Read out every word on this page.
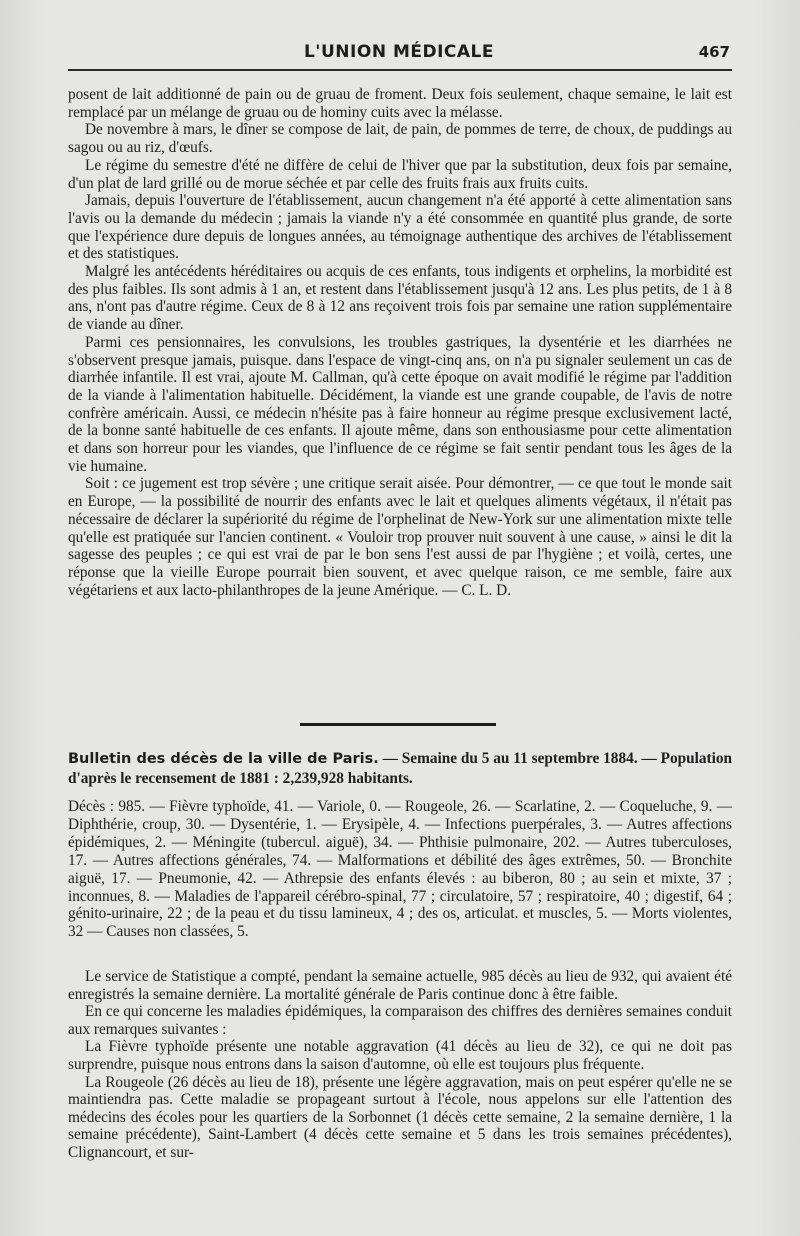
L'UNION MÉDICALE	467

posent de lait additionné de pain ou de gruau de froment. Deux fois seulement, chaque semaine, le lait est remplacé par un mélange de gruau ou de hominy cuits avec la mélasse.

De novembre à mars, le dîner se compose de lait, de pain, de pommes de terre, de choux, de puddings au sagou ou au riz, d'œufs.

Le régime du semestre d'été ne diffère de celui de l'hiver que par la substitution, deux fois par semaine, d'un plat de lard grillé ou de morue séchée et par celle des fruits frais aux fruits cuits.

Jamais, depuis l'ouverture de l'établissement, aucun changement n'a été apporté à cette alimentation sans l'avis ou la demande du médecin ; jamais la viande n'y a été consommée en quantité plus grande, de sorte que l'expérience dure depuis de longues années, au témoignage authentique des archives de l'établissement et des statistiques.

Malgré les antécédents héréditaires ou acquis de ces enfants, tous indigents et orphelins, la morbidité est des plus faibles. Ils sont admis à 1 an, et restent dans l'établissement jusqu'à 12 ans. Les plus petits, de 1 à 8 ans, n'ont pas d'autre régime. Ceux de 8 à 12 ans reçoivent trois fois par semaine une ration supplémentaire de viande au dîner.

Parmi ces pensionnaires, les convulsions, les troubles gastriques, la dysentérie et les diarrhées ne s'observent presque jamais, puisque. dans l'espace de vingt-cinq ans, on n'a pu signaler seulement un cas de diarrhée infantile. Il est vrai, ajoute M. Callman, qu'à cette époque on avait modifié le régime par l'addition de la viande à l'alimentation habituelle. Décidément, la viande est une grande coupable, de l'avis de notre confrère américain. Aussi, ce médecin n'hésite pas à faire honneur au régime presque exclusivement lacté, de la bonne santé habituelle de ces enfants. Il ajoute même, dans son enthousiasme pour cette alimentation et dans son horreur pour les viandes, que l'influence de ce régime se fait sentir pendant tous les âges de la vie humaine.

Soit : ce jugement est trop sévère ; une critique serait aisée. Pour démontrer, — ce que tout le monde sait en Europe, — la possibilité de nourrir des enfants avec le lait et quelques aliments végétaux, il n'était pas nécessaire de déclarer la supériorité du régime de l'orphelinat de New-York sur une alimentation mixte telle qu'elle est pratiquée sur l'ancien continent. « Vouloir trop prouver nuit souvent à une cause, » ainsi le dit la sagesse des peuples ; ce qui est vrai de par le bon sens l'est aussi de par l'hygiène ; et voilà, certes, une réponse que la vieille Europe pourrait bien souvent, et avec quelque raison, ce me semble, faire aux végétariens et aux lacto-philanthropes de la jeune Amérique. — C. L. D.

Bulletin des décès de la ville de Paris. — Semaine du 5 au 11 septembre 1884. — Population d'après le recensement de 1881 : 2,239,928 habitants.

Décès : 985. — Fièvre typhoïde, 41. — Variole, 0. — Rougeole, 26. — Scarlatine, 2. — Coqueluche, 9. — Diphthérie, croup, 30. — Dysentérie, 1. — Erysipèle, 4. — Infections puerpérales, 3. — Autres affections épidémiques, 2. — Méningite (tubercul. aiguë), 34. — Phthisie pulmonaire, 202. — Autres tuberculoses, 17. — Autres affections générales, 74. — Malformations et débilité des âges extrêmes, 50. — Bronchite aiguë, 17. — Pneumonie, 42. — Athrepsie des enfants élevés : au biberon, 80 ; au sein et mixte, 37 ; inconnues, 8. — Maladies de l'appareil cérébro-spinal, 77 ; circulatoire, 57 ; respiratoire, 40 ; digestif, 64 ; génito-urinaire, 22 ; de la peau et du tissu lamineux, 4 ; des os, articulat. et muscles, 5. — Morts violentes, 32 — Causes non classées, 5.

Le service de Statistique a compté, pendant la semaine actuelle, 985 décès au lieu de 932, qui avaient été enregistrés la semaine dernière. La mortalité générale de Paris continue donc à être faible.

En ce qui concerne les maladies épidémiques, la comparaison des chiffres des dernières semaines conduit aux remarques suivantes :

La Fièvre typhoïde présente une notable aggravation (41 décès au lieu de 32), ce qui ne doit pas surprendre, puisque nous entrons dans la saison d'automne, où elle est toujours plus fréquente.

La Rougeole (26 décès au lieu de 18), présente une légère aggravation, mais on peut espérer qu'elle ne se maintiendra pas. Cette maladie se propageant surtout à l'école, nous appelons sur elle l'attention des médecins des écoles pour les quartiers de la Sorbonnet (1 décès cette semaine, 2 la semaine dernière, 1 la semaine précédente), Saint-Lambert (4 décès cette semaine et 5 dans les trois semaines précédentes), Clignancourt, et sur-
